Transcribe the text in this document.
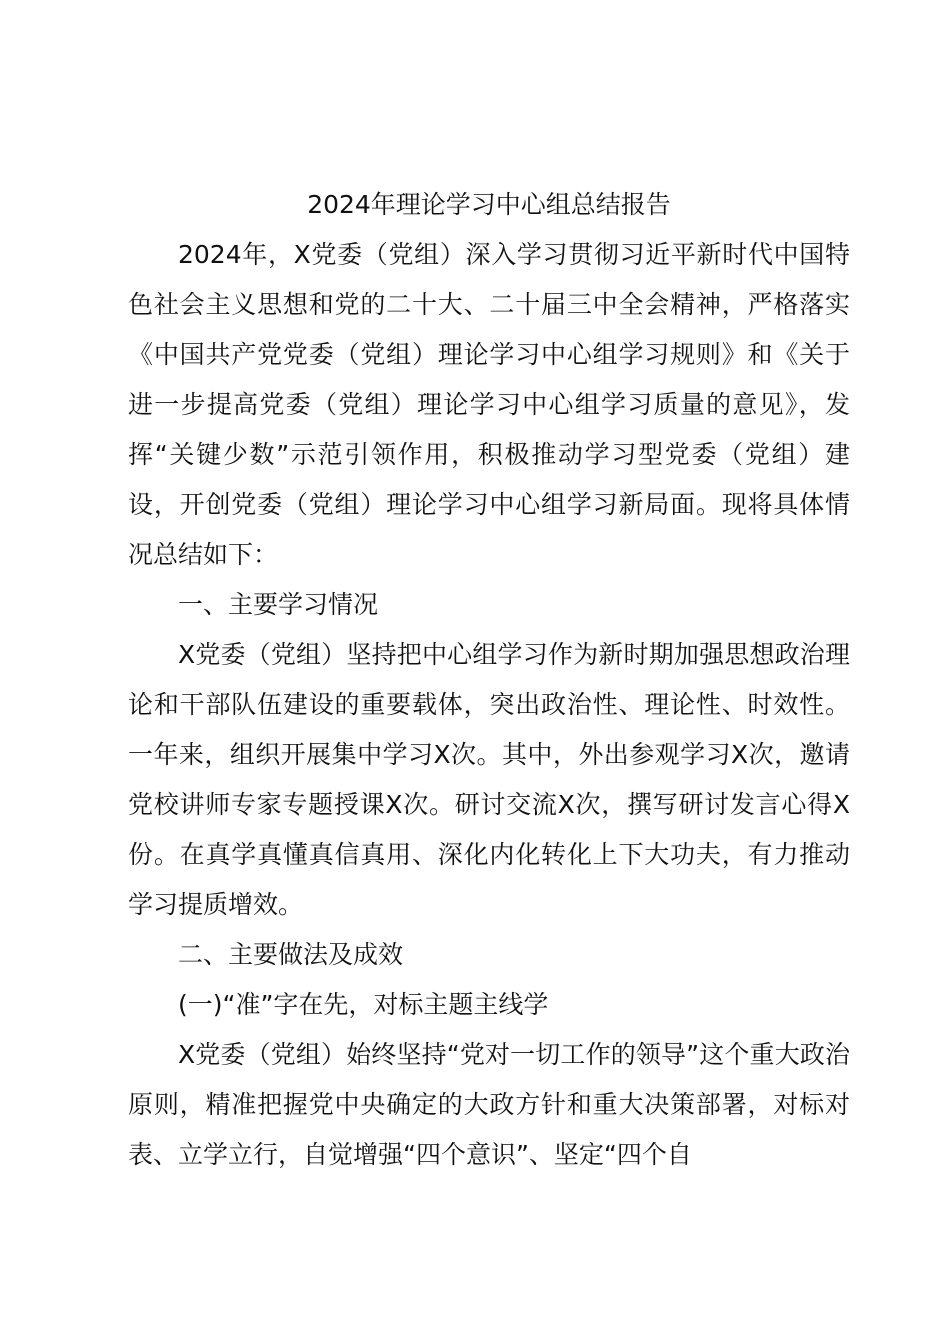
2024年理论学习中心组总结报告

2024年，X党委（党组）深入学习贯彻习近平新时代中国特色社会主义思想和党的二十大、二十届三中全会精神，严格落实《中国共产党党委（党组）理论学习中心组学习规则》和《关于进一步提高党委（党组）理论学习中心组学习质量的意见》，发挥“关键少数”示范引领作用，积极推动学习型党委（党组）建设，开创党委（党组）理论学习中心组学习新局面。现将具体情况总结如下：

一、主要学习情况

X党委（党组）坚持把中心组学习作为新时期加强思想政治理论和干部队伍建设的重要载体，突出政治性、理论性、时效性。一年来，组织开展集中学习X次。其中，外出参观学习X次，邀请党校讲师专家专题授课X次。研讨交流X次，撰写研讨发言心得X份。在真学真懂真信真用、深化内化转化上下大功夫，有力推动学习提质增效。

二、主要做法及成效

(一)“准”字在先，对标主题主线学

X党委（党组）始终坚持“党对一切工作的领导”这个重大政治原则，精准把握党中央确定的大政方针和重大决策部署，对标对表、立学立行，自觉增强“四个意识”、坚定“四个自
